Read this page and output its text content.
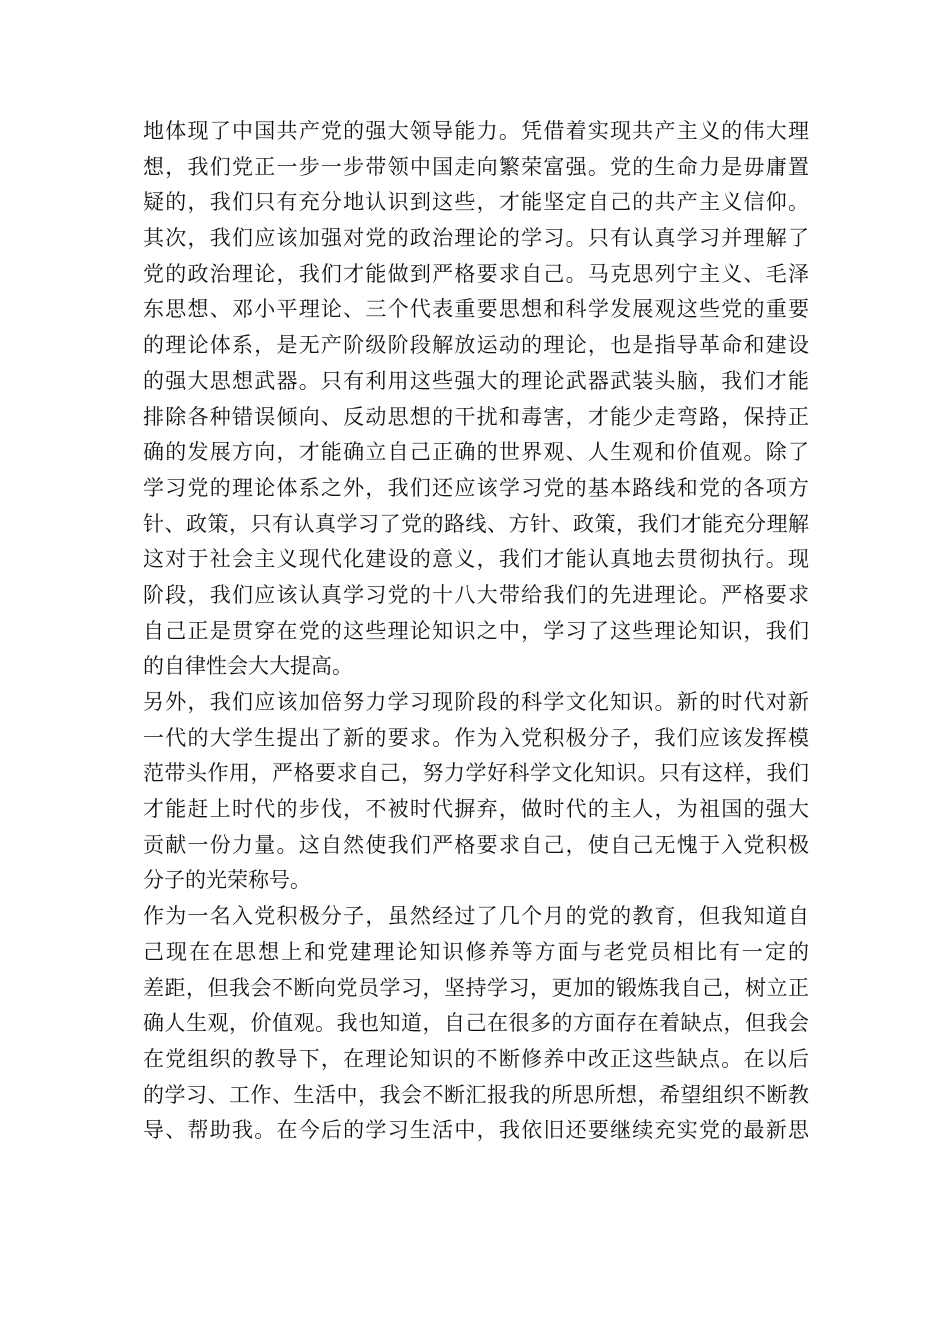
地体现了中国共产党的强大领导能力。凭借着实现共产主义的伟大理
想，我们党正一步一步带领中国走向繁荣富强。党的生命力是毋庸置
疑的，我们只有充分地认识到这些，才能坚定自己的共产主义信仰。
其次，我们应该加强对党的政治理论的学习。只有认真学习并理解了
党的政治理论，我们才能做到严格要求自己。马克思列宁主义、毛泽
东思想、邓小平理论、三个代表重要思想和科学发展观这些党的重要
的理论体系，是无产阶级阶段解放运动的理论，也是指导革命和建设
的强大思想武器。只有利用这些强大的理论武器武装头脑，我们才能
排除各种错误倾向、反动思想的干扰和毒害，才能少走弯路，保持正
确的发展方向，才能确立自己正确的世界观、人生观和价值观。除了
学习党的理论体系之外，我们还应该学习党的基本路线和党的各项方
针、政策，只有认真学习了党的路线、方针、政策，我们才能充分理解
这对于社会主义现代化建设的意义，我们才能认真地去贯彻执行。现
阶段，我们应该认真学习党的十八大带给我们的先进理论。严格要求
自己正是贯穿在党的这些理论知识之中，学习了这些理论知识，我们
的自律性会大大提高。
另外，我们应该加倍努力学习现阶段的科学文化知识。新的时代对新
一代的大学生提出了新的要求。作为入党积极分子，我们应该发挥模
范带头作用，严格要求自己，努力学好科学文化知识。只有这样，我们
才能赶上时代的步伐，不被时代摒弃，做时代的主人，为祖国的强大
贡献一份力量。这自然使我们严格要求自己，使自己无愧于入党积极
分子的光荣称号。
作为一名入党积极分子，虽然经过了几个月的党的教育，但我知道自
己现在在思想上和党建理论知识修养等方面与老党员相比有一定的
差距，但我会不断向党员学习，坚持学习，更加的锻炼我自己，树立正
确人生观，价值观。我也知道，自己在很多的方面存在着缺点，但我会
在党组织的教导下，在理论知识的不断修养中改正这些缺点。在以后
的学习、工作、生活中，我会不断汇报我的所思所想，希望组织不断教
导、帮助我。在今后的学习生活中，我依旧还要继续充实党的最新思
